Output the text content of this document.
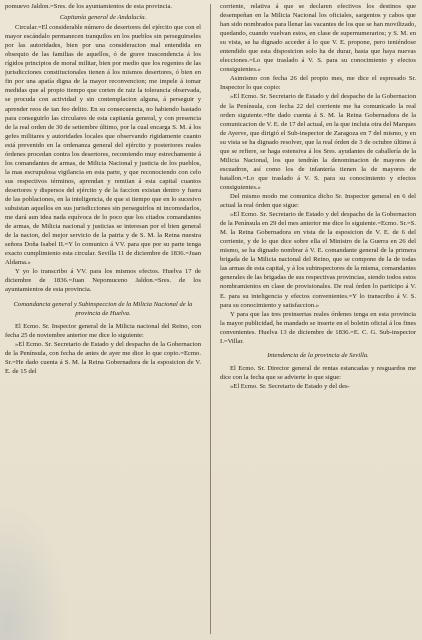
pomuevo Jaldon.=Sres. de los ayuntamientos de esta provincia.

Capitanía general de Andalucía.

Circular.=El considerable número de desertores del ejército que con el mayor escándalo permanecen tranquilos en los pueblos sin perseguirseles por las autoridades, bien por una consideracion mal entendida en obsequio de las familias de aquellos, ó de grave trascendencia á los rígidos principios de moral militar, bien por medio que los regentes de las jurisdicciones constitucionales tienen á los mismos desertores, ó bien en fin por una apatía digna de la mayor reconvencion; me impele á tomar medidas que al propio tiempo que corten de raiz la tolerancia observada, se procuda con actividad y sin contemplacion alguna, á perseguir y aprender reos de tan feo delito. En su consecuencia, no habiendo bastado para conseguirlo las circulares de esta capitanía general, y con presencia de la real orden de 30 de setiembre último, por la cual encarga S. M. á los gefes militares y autoridades locales que observando rigidamente cuanto está prevenido en la ordenanza general del ejército y posteriores reales órdenes procedan contra los desertores, recomiendo muy estrechamente á los comandantes de armas, de Milicia Nacional y justicia de los pueblos, la mas escrupulosa vigilancia en esta parte, y que reconociendo con celo sus respectivos términos, aprendan y remitan á esta capital cuantos desertores y dispersos del ejército y de la faccion existan dentro y fuera de las poblaciones, en la inteligencia, de que si tiempo que en lo sucesivo subsistan aquellos en sus jurisdicciones sin perseguirlos ni incomodarlos, me dará aun idea nada equívoca de lo poco que los citados comandantes de armas, de Milicia nacional y justicias se interesan por el bien general de la nacion, del mejor servicio de la patria y de S. M. la Reina nuestra señora Doña Isabel II.=Y lo comunico á VV. para que por su parte tenga exacto cumplimiento esta circular. Sevilla 11 de diciembre de 1836.=Juan Aldama.»

Y yo lo transcribo á VV. para los mismos efectos. Huelva 17 de diciembre de 1836.=Juan Nepomuceno Jaldon.=Sres. de los ayuntamientos de esta provincia.

Comandancia general y Subinspeccion de la Milicia Nacional de la provincia de Huelva.

El Ecmo. Sr. Inspector general de la Milicia nacional del Reino, con fecha 25 de noviembre anterior me dice lo siguiente:

»El Ecmo. Sr. Secretario de Estado y del despacho de la Gobernacion de la Península, con fecha de antes de ayer me dice lo que copio.=Ecmo. Sr.=He dado cuenta á S. M. la Reina Gobernadora de la esposicion de V. E. de 15 del

corriente, relativa á que se declaren efectivos los destinos que desempeñan en la Milicia Nacional los oficiales, sargentos y cabos que han sido nombrados para llenar las vacantes de los que se han movilizado, quedando, cuando vuelvan estos, en clase de supernumerarios; y S. M. en su vista, se ha dignado acceder á lo que V. E. propone, pero teniéndose entendido que esta disposicion solo ha de durar, hasta que haya nuevas elecciones.=Lo que traslado á V. S. para su conocimiento y efectos consiguientes.»

Asimismo con fecha 26 del propio mes, me dice el espresado Sr. Inspector lo que copio:

»El Ecmo. Sr. Secretario de Estado y del despacho de la Gobernacion de la Península, con fecha 22 del corriente me ha comunicado la real orden siguiente.=He dado cuenta á S. M. la Reina Gobernadora de la comunicacion de V. E. de 17 del actual, en la que incluia otra del Marques de Ayerve, que dirigió el Sub-inspector de Zaragoza en 7 del mismo, y en su vista se ha dignado resolver, que la real órden de 3 de octubre último á que se refiere, se haga estensiva á los Sres. ayudantes de caballería de la Milicia Nacional, los que tendrán la denominacion de mayores de escuadron, así como los de infantería tienen la de mayores de batallon.=Lo que traslado á V. S. para su conocimiento y efectos consiguientes.»

Del mismo modo me comunica dicho Sr. Inspector general en 6 del actual la real órden que sigue:

»El Ecmo. Sr. Secretario de Estado y del despacho de la Gobernacion de la Península en 29 del mes anterior me dice lo siguiente.=Ecmo. Sr.=S. M. la Reina Gobernadora en vista de la esposicion de V. E. de 6 del corriente, y de lo que dice sobre ella el Ministro de la Guerra en 26 del mismo, se ha dignado nombrar á V. E. comandante general de la primera brigada de la Milicia nacional del Reino, que se compone de la de todas las armas de esta capital, y á los subinspectores de la misma, comandantes generales de las brigadas de sus respectivas provincias, siendo todos estos nombramientos en clase de provisionales. De real órden lo participo á V. E. para su inteligencia y efectos convenientes.=Y lo transcribo á V. S. para su conocimiento y satisfaccion.»

Y para que las tres preinsertas reales órdenes tenga en esta provincia la mayor publicidad, he mandado se inserte en el boletin oficial á los fines convenientes. Huelva 13 de diciembre de 1836.=E. C. G. Sub-inspector I.=Villar.

Intendencia de la provincia de Sevilla.

El Ecmo. Sr. Director general de rentas estancadas y resguardos me dice con la fecha que se advierte lo que sigue:

»El Ecmo. Sr. Secretario de Estado y del des-
